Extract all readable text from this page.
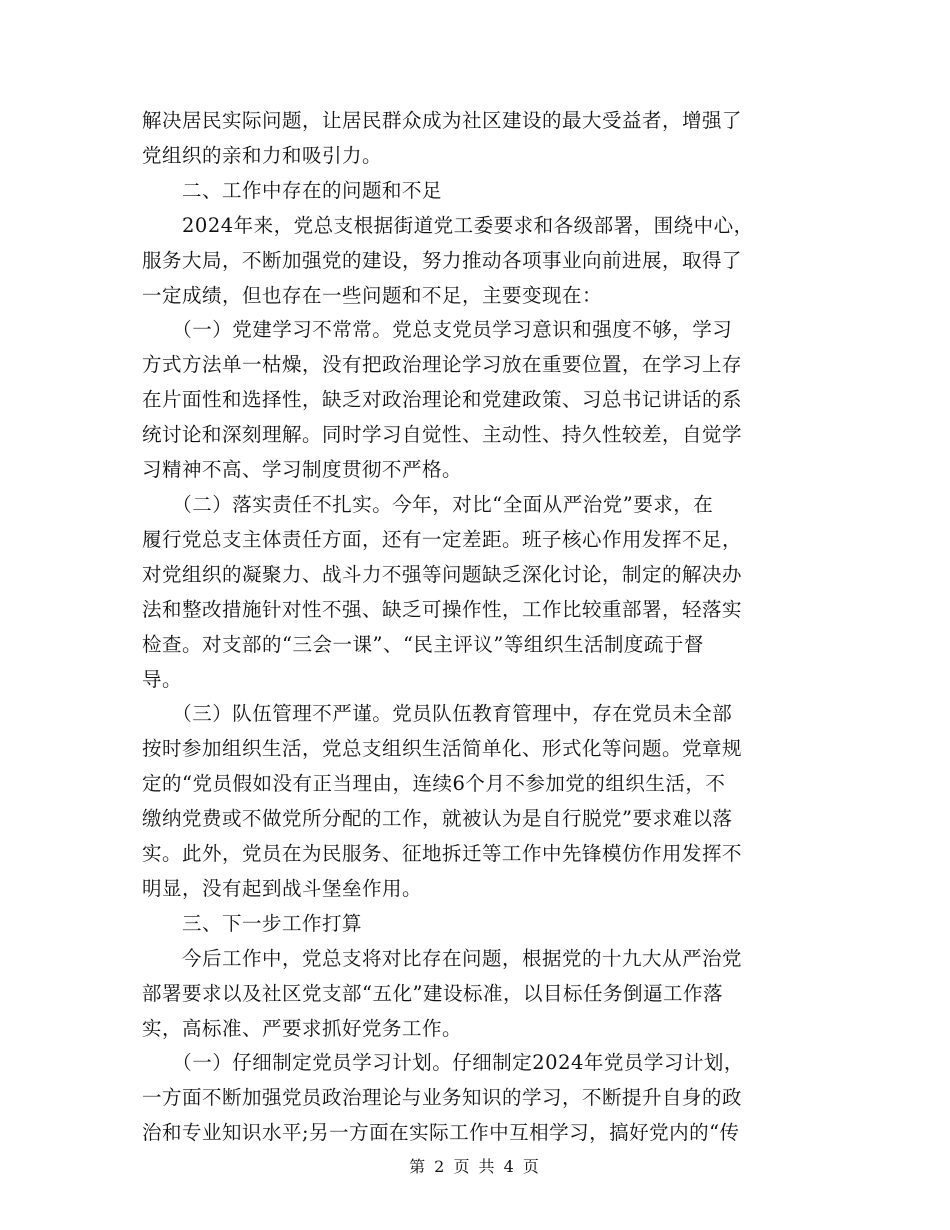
解决居民实际问题，让居民群众成为社区建设的最大受益者，增强了

党组织的亲和力和吸引力。

　　二、工作中存在的问题和不足

　　2024年来，党总支根据街道党工委要求和各级部署，围绕中心，

服务大局，不断加强党的建设，努力推动各项事业向前进展，取得了

一定成绩，但也存在一些问题和不足，主要变现在：

　　（一）党建学习不常常。党总支党员学习意识和强度不够，学习

方式方法单一枯燥，没有把政治理论学习放在重要位置，在学习上存

在片面性和选择性，缺乏对政治理论和党建政策、习总书记讲话的系

统讨论和深刻理解。同时学习自觉性、主动性、持久性较差，自觉学

习精神不高、学习制度贯彻不严格。

　　（二）落实责任不扎实。今年，对比“全面从严治党”要求，在

履行党总支主体责任方面，还有一定差距。班子核心作用发挥不足，

对党组织的凝聚力、战斗力不强等问题缺乏深化讨论，制定的解决办

法和整改措施针对性不强、缺乏可操作性，工作比较重部署，轻落实

检查。对支部的“三会一课”、“民主评议”等组织生活制度疏于督

导。

　　（三）队伍管理不严谨。党员队伍教育管理中，存在党员未全部

按时参加组织生活，党总支组织生活简单化、形式化等问题。党章规

定的“党员假如没有正当理由，连续6个月不参加党的组织生活，不

缴纳党费或不做党所分配的工作，就被认为是自行脱党”要求难以落

实。此外，党员在为民服务、征地拆迁等工作中先锋模仿作用发挥不

明显，没有起到战斗堡垒作用。

　　三、下一步工作打算

　　今后工作中，党总支将对比存在问题，根据党的十九大从严治党

部署要求以及社区党支部“五化”建设标准，以目标任务倒逼工作落

实，高标准、严要求抓好党务工作。

　　（一）仔细制定党员学习计划。仔细制定2024年党员学习计划，

一方面不断加强党员政治理论与业务知识的学习，不断提升自身的政

治和专业知识水平;另一方面在实际工作中互相学习，搞好党内的“传

第 2 页 共 4 页
